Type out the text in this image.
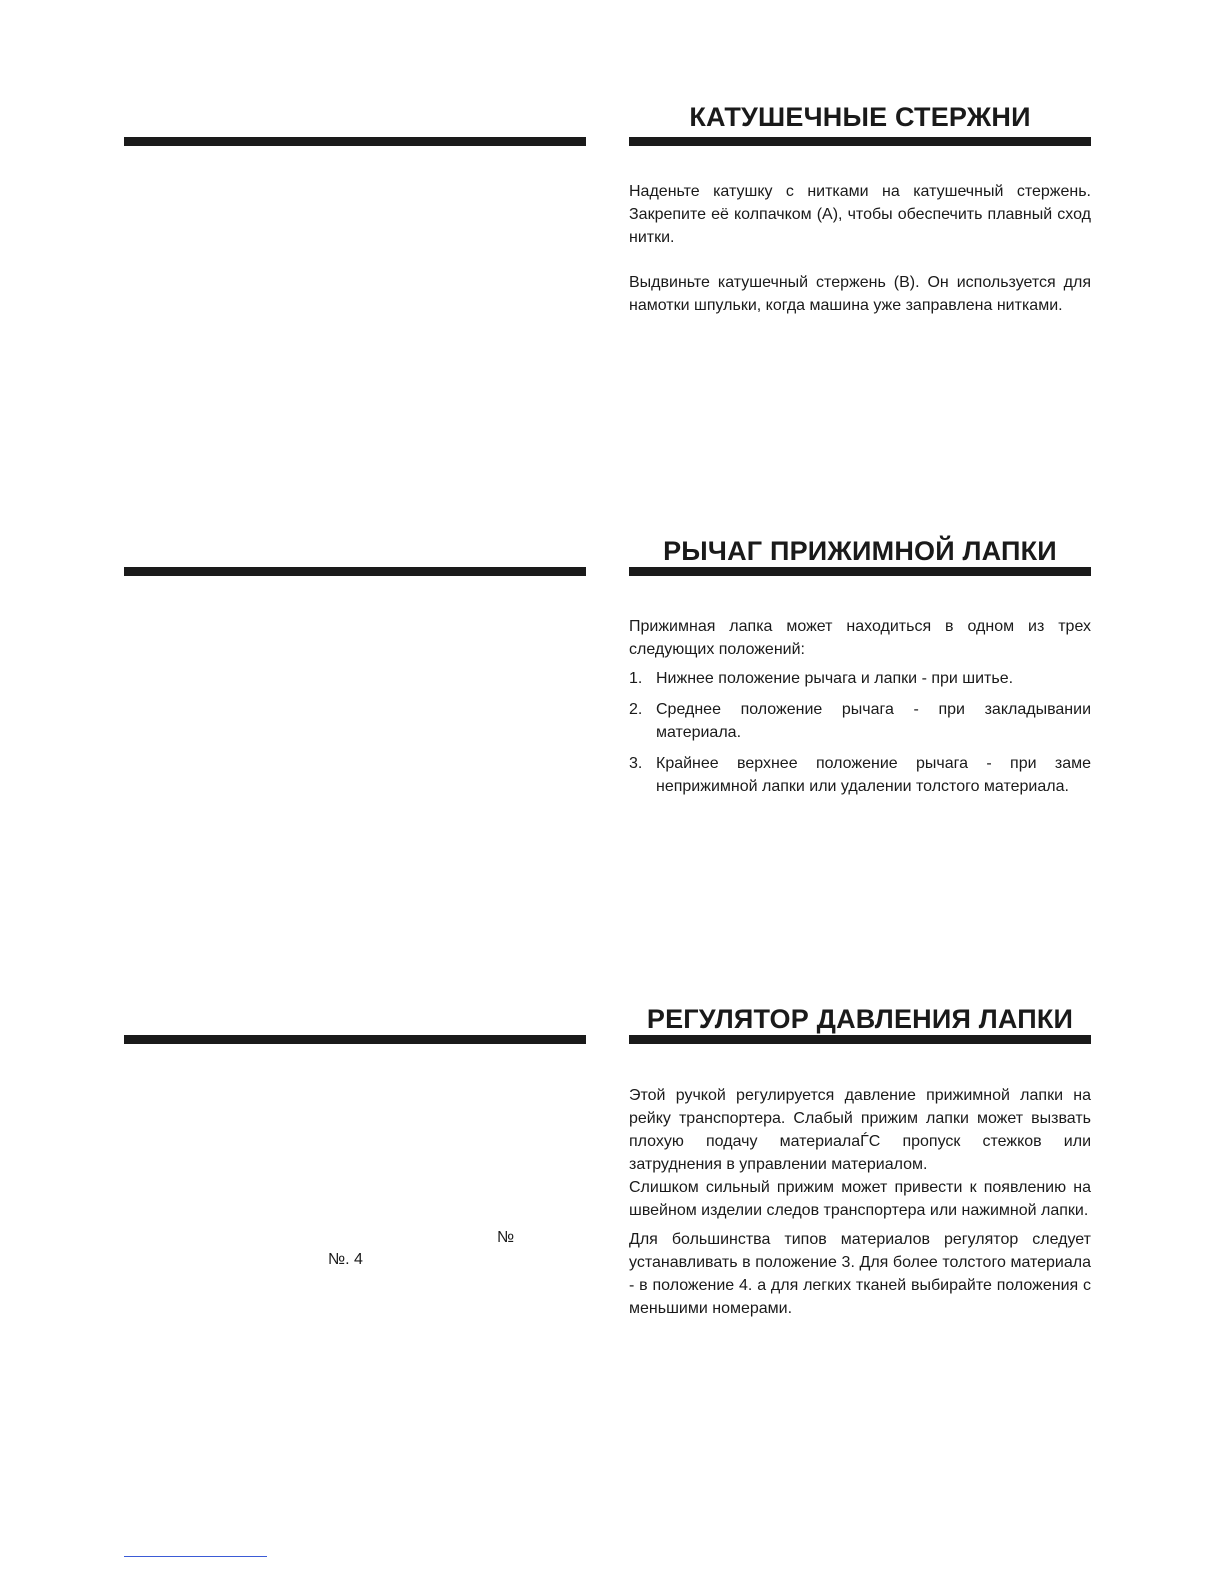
КАТУШЕЧНЫЕ СТЕРЖНИ

Наденьте катушку с нитками на катушечный стержень. Закрепите её колпачком (А), чтобы обеспечить плавный сход нитки.

Выдвиньте катушечный стержень (В). Он используется для намотки шпульки, когда машина уже заправлена нитками.

РЫЧАГ ПРИЖИМНОЙ ЛАПКИ

Прижимная лапка может находиться в одном из трех следующих положений:

1. Нижнее положение рычага и лапки - при шитье.
2. Среднее положение рычага - при закладывании материала.
3. Крайнее верхнее положение рычага - при заме неприжимной лапки или удалении толстого материала.
РЕГУЛЯТОР ДАВЛЕНИЯ ЛАПКИ

Этой ручкой регулируется давление прижимной лапки на рейку транспортера. Слабый прижим лапки может вызвать плохую подачу материалаЃС пропуск стежков или затруднения в управлении материалом.

Слишком сильный прижим может привести к появлению на швейном изделии следов транспортера или нажимной лапки.

Для большинства типов материалов регулятор следует устанавливать в положение 3. Для более толстого материала - в положение 4. а для легких тканей выбирайте положения с меньшими номерами.

№
№. 4
